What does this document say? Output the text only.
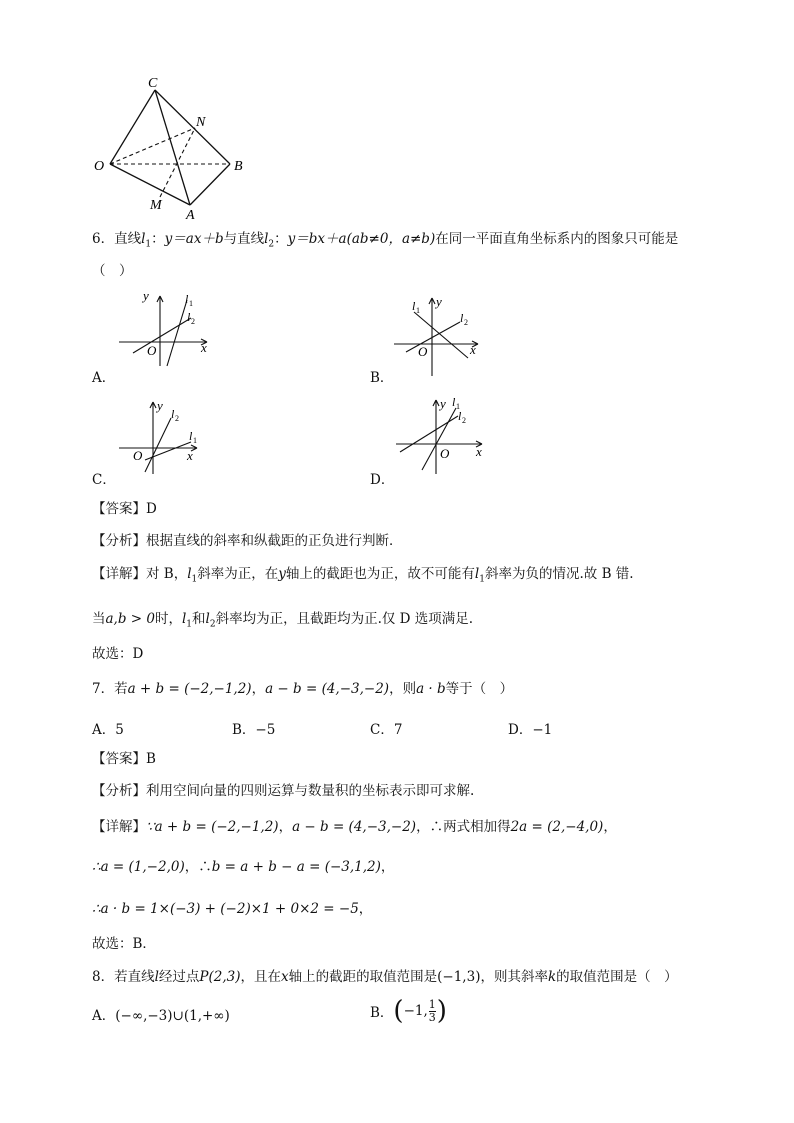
C
N
O	B
M
A
6．直线$l_1$：y＝ax＋b与直线$l_2$：y＝bx＋a(ab≠0，a≠b)在同一平面直角坐标系内的图象只可能是
（　）
y
x
O
l 1
l 2
A．
y
x
O
l 1
l 2
B．
y
x
O
l 1
l 2
C．
y
x
O
l 1
l 2
D．
【答案】D
【分析】根据直线的斜率和纵截距的正负进行判断．
【详解】对 B，$l_1$斜率为正，在y轴上的截距也为正，故不可能有$l_1$斜率为负的情况.故 B 错.
当a,b > 0时，$l_1$和$l_2$斜率均为正，且截距均为正.仅 D 选项满足.
故选：D
7．若a + b = (−2,−1,2)，a − b = (4,−3,−2)，则a · b等于（　）
A．5	B．−5	C．7	D．−1
【答案】B
【分析】利用空间向量的四则运算与数量积的坐标表示即可求解.
【详解】∵a + b = (−2,−1,2)，a − b = (4,−3,−2)，∴两式相加得2a = (2,−4,0)，
∴a = (1,−2,0)，∴b = a + b − a = (−3,1,2)，
∴a · b = 1×(−3) + (−2)×1 + 0×2 = −5，
故选：B．
8．若直线l经过点P(2,3)，且在x轴上的截距的取值范围是(−1,3)，则其斜率k的取值范围是（　）
A．(−∞,−3)∪(1,+∞)	B． ( −1, 1
3 )
